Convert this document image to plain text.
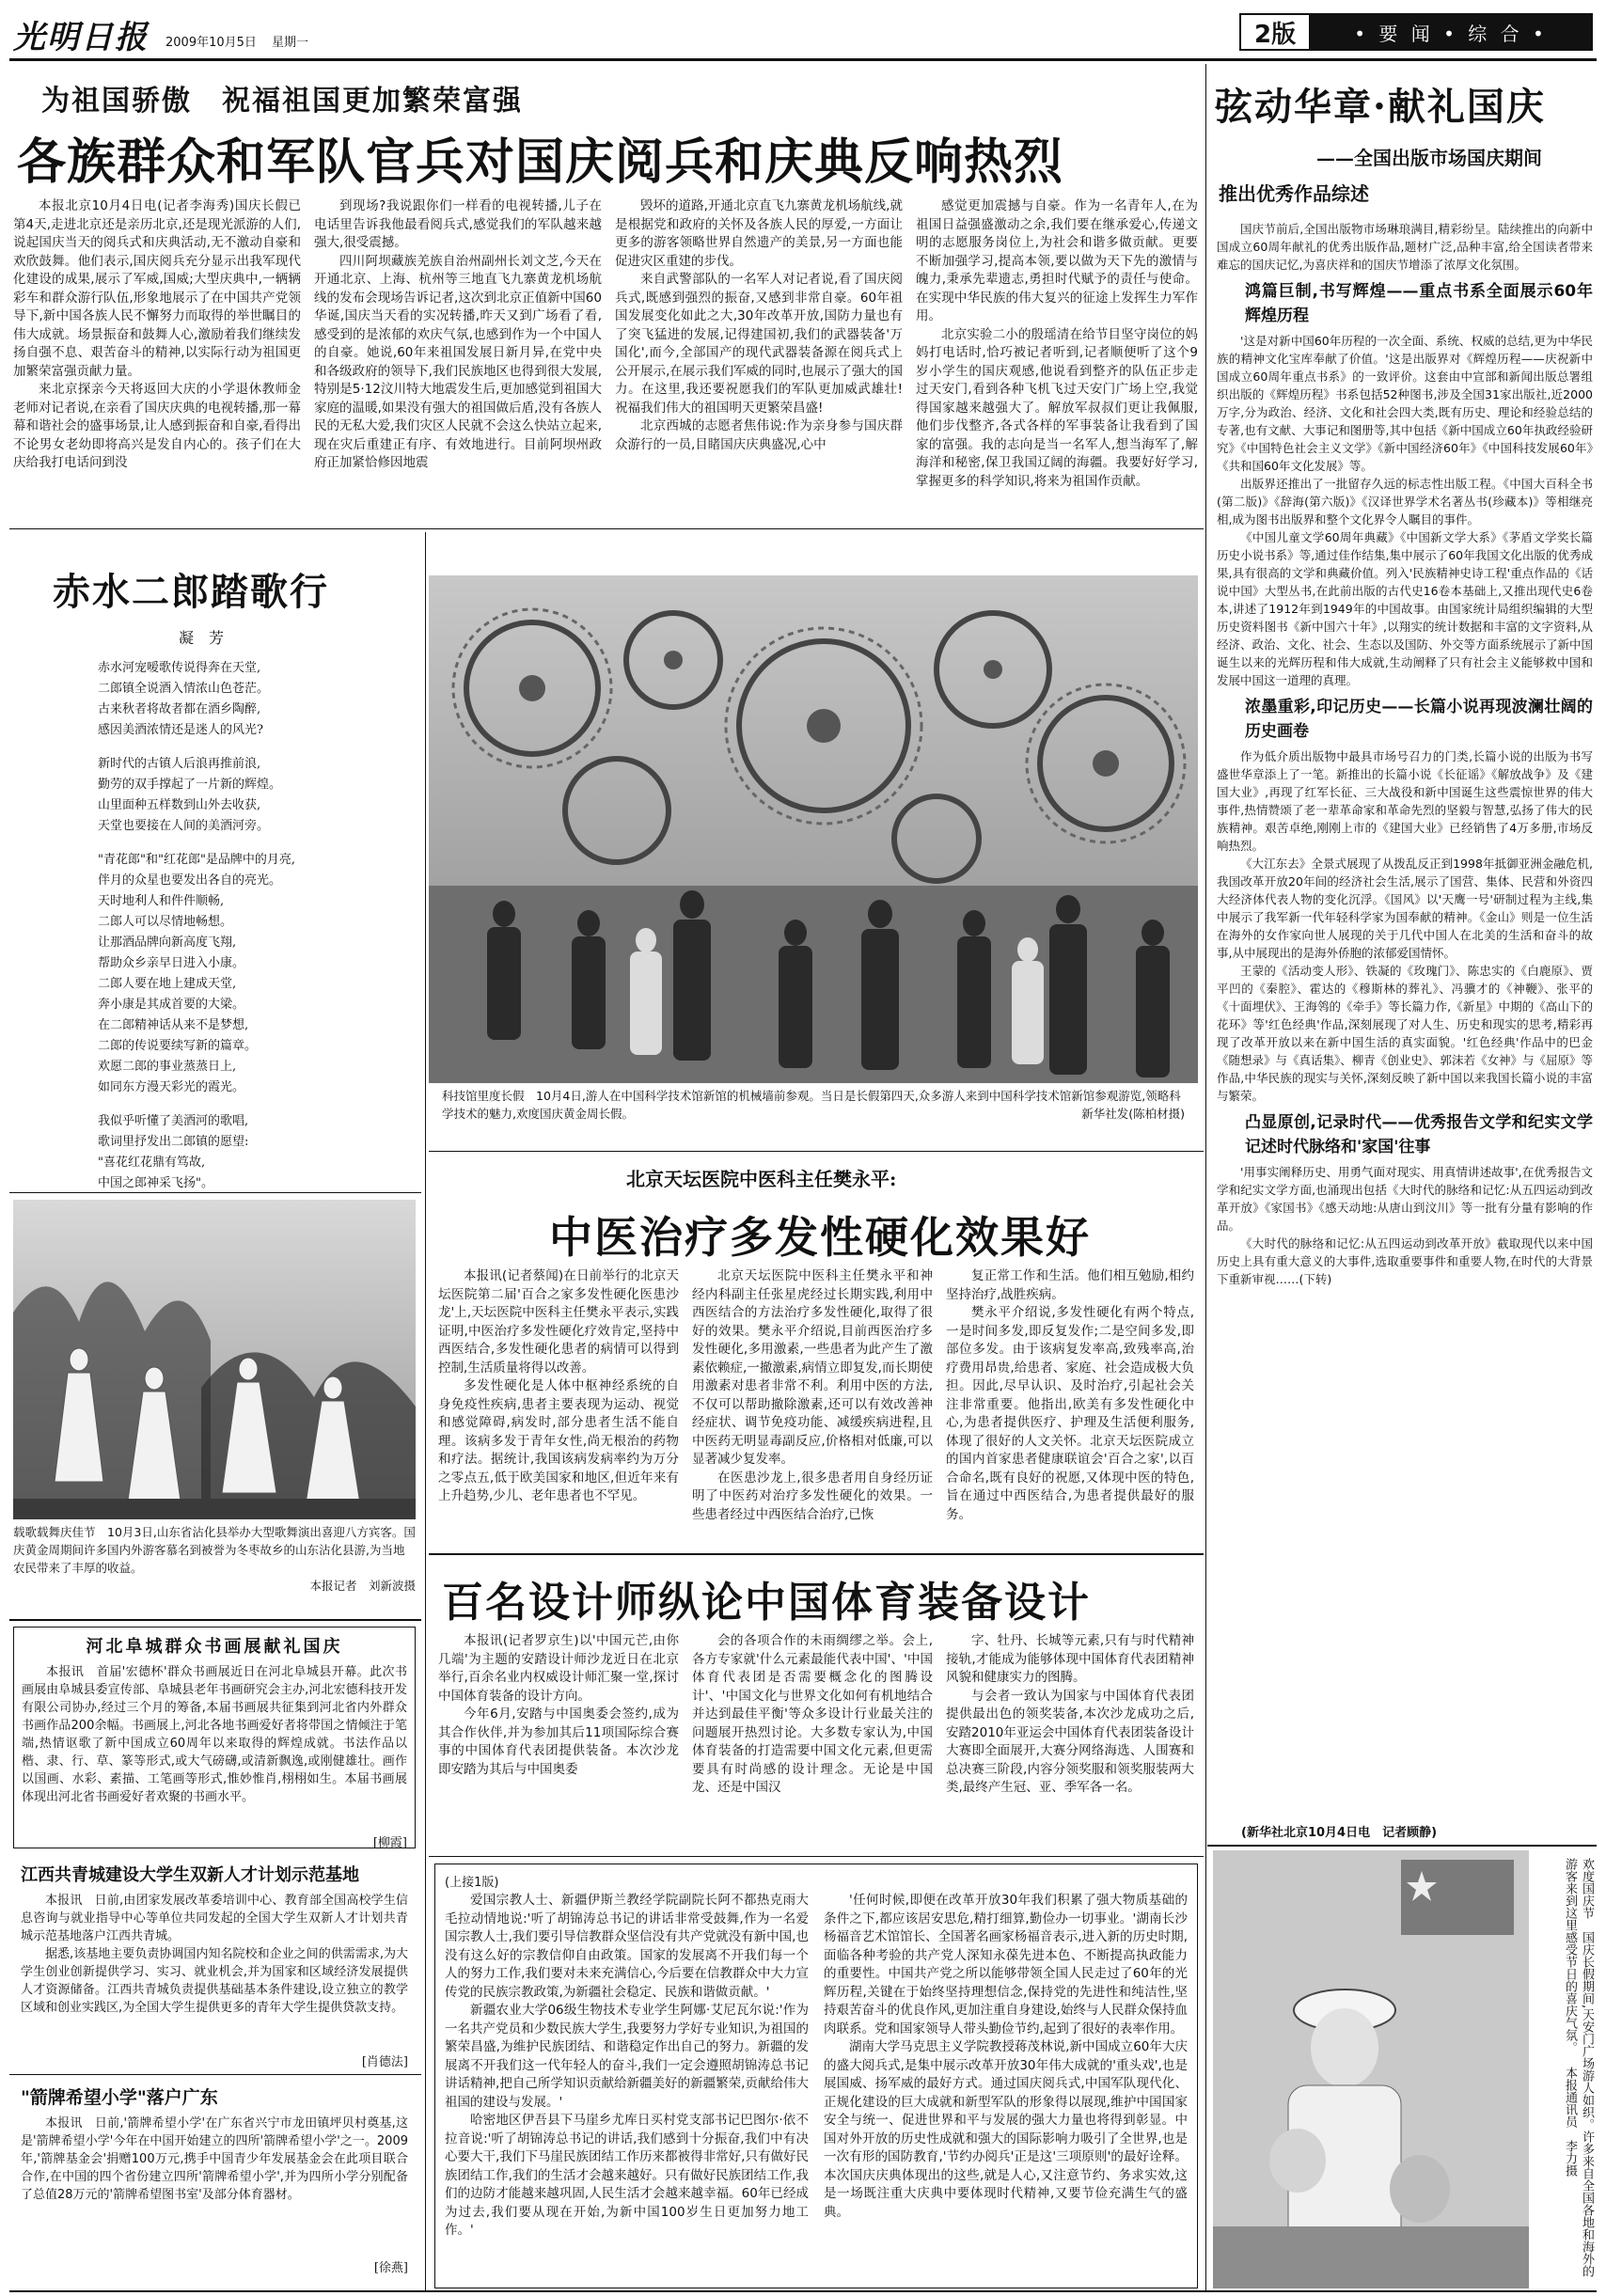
光明日报 2009年10月5日 星期一	2版	• 要 闻 • 综 合 •
为祖国骄傲　祝福祖国更加繁荣富强
各族群众和军队官兵对国庆阅兵和庆典反响热烈

本报北京10月4日电(记者李海秀)国庆长假已第4天,走进北京还是亲历北京,还是现光派游的人们,说起国庆当天的阅兵式和庆典活动,无不激动自豪和欢欣鼓舞。他们表示,国庆阅兵充分显示出我军现代化建设的成果,展示了军威,国威;大型庆典中,一辆辆彩车和群众游行队伍,形象地展示了在中国共产党领导下,新中国各族人民不懈努力而取得的举世瞩目的伟大成就。场景振奋和鼓舞人心,激励着我们继续发扬自强不息、艰苦奋斗的精神,以实际行动为祖国更加繁荣富强贡献力量。

来北京探亲今天将返回大庆的小学退休教师金老师对记者说,在亲看了国庆庆典的电视转播,那一幕幕和谐社会的盛事场景,让人感到振奋和自豪,看得出不论男女老幼即将高兴是发自内心的。孩子们在大庆给我打电话问到没

到现场?我说跟你们一样看的电视转播,儿子在电话里告诉我他最看阅兵式,感觉我们的军队越来越强大,很受震撼。

四川阿坝藏族羌族自治州副州长刘文芝,今天在开通北京、上海、杭州等三地直飞九寨黄龙机场航线的发布会现场告诉记者,这次到北京正值新中国60华诞,国庆当天看的实况转播,昨天又到广场看了看,感受到的是浓郁的欢庆气氛,也感到作为一个中国人的自豪。她说,60年来祖国发展日新月异,在党中央和各级政府的领导下,我们民族地区也得到很大发展,特别是5·12汶川特大地震发生后,更加感觉到祖国大家庭的温暖,如果没有强大的祖国做后盾,没有各族人民的无私大爱,我们灾区人民就不会这么快站立起来,现在灾后重建正有序、有效地进行。目前阿坝州政府正加紧恰修因地震

毁坏的道路,开通北京直飞九寨黄龙机场航线,就是根据党和政府的关怀及各族人民的厚爱,一方面让更多的游客领略世界自然遗产的美景,另一方面也能促进灾区重建的步伐。

来自武警部队的一名军人对记者说,看了国庆阅兵式,既感到强烈的振奋,又感到非常自豪。60年祖国发展变化如此之大,30年改革开放,国防力量也有了突飞猛进的发展,记得建国初,我们的武器装备'万国化',而今,全部国产的现代武器装备源在阅兵式上公开展示,在展示我们军威的同时,也展示了强大的国力。在这里,我还要祝愿我们的军队更加威武雄壮!祝福我们伟大的祖国明天更繁荣昌盛!

北京西城的志愿者焦伟说:作为亲身参与国庆群众游行的一员,目睹国庆庆典盛况,心中

感觉更加震撼与自豪。作为一名青年人,在为祖国日益强盛激动之余,我们要在继承爱心,传递文明的志愿服务岗位上,为社会和谐多做贡献。更要不断加强学习,提高本领,要以做为天下先的激情与魄力,秉承先辈遗志,勇担时代赋予的责任与使命。在实现中华民族的伟大复兴的征途上发挥生力军作用。

北京实验二小的殷瑶清在给节目坚守岗位的妈妈打电话时,恰巧被记者听到,记者顺便听了这个9岁小学生的国庆观感,他说看到整齐的队伍正步走过天安门,看到各种飞机飞过天安门广场上空,我觉得国家越来越强大了。解放军叔叔们更让我佩服,他们步伐整齐,各式各样的军事装备让我看到了国家的富强。我的志向是当一名军人,想当海军了,解海洋和秘密,保卫我国辽阔的海疆。我要好好学习,掌握更多的科学知识,将来为祖国作贡献。

赤水二郎踏歌行
凝　芳
赤水河宠嗳歌传说得奔在天堂,
二郎镇全说酒入情浓山色苍茫。
古来秋者将故者都在酒乡陶醉,
感因美酒浓情还是迷人的风光?
新时代的古镇人后浪再推前浪,
勤劳的双手撑起了一片新的辉煌。
山里面种五样数到山外去收获,
天堂也要接在人间的美酒河旁。
"青花郎"和"红花郎"是品牌中的月亮,
伴月的众星也要发出各自的亮光。
天时地利人和件件顺畅,
二郎人可以尽情地畅想。
让那酒品牌向新高度飞翔,
帮助众乡亲早日进入小康。
二郎人要在地上建成天堂,
奔小康是其成首要的大梁。
在二郎精神话从来不是梦想,
二郎的传说要续写新的篇章。
欢愿二郎的事业蒸蒸日上,
如同东方漫天彩光的霞光。
我似乎听懂了美酒河的歌唱,
歌词里抒发出二郎镇的愿望:
"喜花红花鼎有笃故,
中国之郎神采飞扬"。
载歌载舞庆佳节　10月3日,山东省沾化县举办大型歌舞演出喜迎八方宾客。国庆黄金周期间许多国内外游客慕名到被誉为冬枣故乡的山东沾化县游,为当地农民带来了丰厚的收益。
本报记者　刘新波摄
河北阜城群众书画展献礼国庆

本报讯　首届'宏德杯'群众书画展近日在河北阜城县开幕。此次书画展由阜城县委宣传部、阜城县老年书画研究会主办,河北宏德科技开发有限公司协办,经过三个月的筹备,本届书画展共征集到河北省内外群众书画作品200余幅。书画展上,河北各地书画爱好者将带国之情倾注于笔端,热情讴歌了新中国成立60周年以来取得的辉煌成就。书法作品以楷、隶、行、草、篆等形式,或大气磅礴,或清新飘逸,或刚健雄壮。画作以国画、水彩、素描、工笔画等形式,惟妙惟肖,栩栩如生。本届书画展体现出河北省书画爱好者欢聚的书画水平。

[柳霞]
江西共青城建设大学生双新人才计划示范基地

本报讯　日前,由团家发展改革委培训中心、教育部全国高校学生信息咨询与就业指导中心等单位共同发起的全国大学生双新人才计划共青城示范基地落户江西共青城。

据悉,该基地主要负责协调国内知名院校和企业之间的供需需求,为大学生创业创新提供学习、实习、就业机会,并为国家和区域经济发展提供人才资源储备。江西共青城负责提供基础基本条件建设,设立独立的教学区域和创业实践区,为全国大学生提供更多的青年大学生提供贷款支持。

[肖德法]
"箭牌希望小学"落户广东

本报讯　日前,'箭牌希望小学'在广东省兴宁市龙田镇坪贝村奠基,这是'箭牌希望小学'今年在中国开始建立的四所'箭牌希望小学'之一。2009年,'箭牌基金会'捐赠100万元,携手中国青少年发展基金会在此项目联合合作,在中国的四个省份建立四所'箭牌希望小学',并为四所小学分别配备了总值28万元的'箭牌希望图书室'及部分体育器材。

[徐燕]
科技馆里度长假　10月4日,游人在中国科学技术馆新馆的机械墙前参观。当日是长假第四天,众多游人来到中国科学技术馆新馆参观游览,领略科学技术的魅力,欢度国庆黄金周长假。	新华社发(陈柏材摄)
北京天坛医院中医科主任樊永平:
中医治疗多发性硬化效果好

本报讯(记者蔡闻)在日前举行的北京天坛医院第二届'百合之家多发性硬化医患沙龙'上,天坛医院中医科主任樊永平表示,实践证明,中医治疗多发性硬化疗效肯定,坚持中西医结合,多发性硬化患者的病情可以得到控制,生活质量将得以改善。

多发性硬化是人体中枢神经系统的自身免疫性疾病,患者主要表现为运动、视觉和感觉障碍,病发时,部分患者生活不能自理。该病多发于青年女性,尚无根治的药物和疗法。据统计,我国该病发病率约为万分之零点五,低于欧美国家和地区,但近年来有上升趋势,少儿、老年患者也不罕见。

北京天坛医院中医科主任樊永平和神经内科副主任张星虎经过长期实践,利用中西医结合的方法治疗多发性硬化,取得了很好的效果。樊永平介绍说,目前西医治疗多发性硬化,多用激素,一些患者为此产生了激素依赖症,一撤激素,病情立即复发,而长期使用激素对患者非常不利。利用中医的方法,不仅可以帮助撤除激素,还可以有效改善神经症状、调节免疫功能、减缓疾病进程,且中医药无明显毒副反应,价格相对低廉,可以显著减少复发率。

在医患沙龙上,很多患者用自身经历证明了中医药对治疗多发性硬化的效果。一些患者经过中西医结合治疗,已恢

复正常工作和生活。他们相互勉励,相约坚持治疗,战胜疾病。

樊永平介绍说,多发性硬化有两个特点,一是时间多发,即反复发作;二是空间多发,即部位多发。由于该病复发率高,致残率高,治疗费用昂贵,给患者、家庭、社会造成极大负担。因此,尽早认识、及时治疗,引起社会关注非常重要。他指出,欧美有多发性硬化中心,为患者提供医疗、护理及生活便利服务,体现了很好的人文关怀。北京天坛医院成立的国内首家患者健康联谊会'百合之家',以百合命名,既有良好的祝愿,又体现中医的特色,旨在通过中西医结合,为患者提供最好的服务。

百名设计师纵论中国体育装备设计

本报讯(记者罗京生)以'中国元芒,由你几端'为主题的安踏设计师沙龙近日在北京举行,百余名业内权威设计师汇聚一堂,探讨中国体育装备的设计方向。

今年6月,安踏与中国奥委会签约,成为其合作伙伴,并为参加其后11项国际综合赛事的中国体育代表团提供装备。本次沙龙即安踏为其后与中国奥委

会的各项合作的未雨绸缪之举。会上,各方专家就'什么元素最能代表中国'、'中国体育代表团是否需要概念化的图腾设计'、'中国文化与世界文化如何有机地结合并达到最佳平衡'等众多设计行业最关注的问题展开热烈讨论。大多数专家认为,中国体育装备的打造需要中国文化元素,但更需要具有时尚感的设计理念。无论是中国龙、还是中国汉

字、牡丹、长城等元素,只有与时代精神接轨,才能成为能够体现中国体育代表团精神风貌和健康实力的图腾。

与会者一致认为国家与中国体育代表团提供最出色的领奖装备,本次沙龙成功之后,安踏2010年亚运会中国体育代表团装备设计大赛即全面展开,大赛分网络海选、人围赛和总决赛三阶段,内容分领奖服和领奖服装两大类,最终产生冠、亚、季军各一名。

(上接1版)

爱国宗教人士、新疆伊斯兰教经学院副院长阿不都热克雨大毛拉动情地说:'听了胡锦涛总书记的讲话非常受鼓舞,作为一名爱国宗教人士,我们要引导信教群众坚信没有共产党就没有新中国,也没有这么好的宗教信仰自由政策。国家的发展离不开我们每一个人的努力工作,我们要对未来充满信心,今后要在信教群众中大力宣传党的民族宗教政策,为新疆社会稳定、民族和谐做贡献。'

新疆农业大学06级生物技术专业学生阿娜·艾尼瓦尔说:'作为一名共产党员和少数民族大学生,我要努力学好专业知识,为祖国的繁荣昌盛,为维护民族团结、和谐稳定作出自己的努力。新疆的发展离不开我们这一代年轻人的奋斗,我们一定会遵照胡锦涛总书记讲话精神,把自己所学知识贡献给新疆美好的新疆繁荣,贡献给伟大祖国的建设与发展。'

哈密地区伊吾县下马崖乡尤库日买村党支部书记巴图尔·依不拉音说:'听了胡锦涛总书记的讲话,我们感到十分振奋,我们中有决心要大干,我们下马崖民族团结工作历来都被得非常好,只有做好民族团结工作,我们的生活才会越来越好。只有做好民族团结工作,我们的边防才能越来越巩固,人民生活才会越来越幸福。60年已经成为过去,我们要从现在开始,为新中国100岁生日更加努力地工作。'

'任何时候,即便在改革开放30年我们积累了强大物质基础的条件之下,都应该居安思危,精打细算,勤俭办一切事业。'湖南长沙杨福音艺术馆馆长、全国著名画家杨福音表示,进入新的历史时期,面临各种考验的共产党人深知永葆先进本色、不断提高执政能力的重要性。中国共产党之所以能够带领全国人民走过了60年的光辉历程,关键在于始终坚持理想信念,保持党的先进性和纯洁性,坚持艰苦奋斗的优良作风,更加注重自身建设,始终与人民群众保持血肉联系。党和国家领导人带头勤俭节约,起到了很好的表率作用。

湖南大学马克思主义学院教授蒋茂林说,新中国成立60年大庆的盛大阅兵式,是集中展示改革开放30年伟大成就的'重头戏',也是展国威、扬军威的最好方式。通过国庆阅兵式,中国军队现代化、正规化建设的巨大成就和新型军队的形象得以展现,维护中国国家安全与统一、促进世界和平与发展的强大力量也将得到彰显。中国对外开放的历史性成就和强大的国际影响力吸引了全世界,也是一次有形的国防教育,'节约办阅兵'正是这'三项原则'的最好诠释。本次国庆庆典体现出的这些,就是人心,又注意节约、务求实效,这是一场既注重大庆典中要体现时代精神,又要节俭充满生气的盛典。

弦动华章·献礼国庆
——全国出版市场国庆期间
推出优秀作品综述

国庆节前后,全国出版物市场琳琅满目,精彩纷呈。陆续推出的向新中国成立60周年献礼的优秀出版作品,题材广泛,品种丰富,给全国读者带来难忘的国庆记忆,为喜庆祥和的国庆节增添了浓厚文化氛围。

鸿篇巨制,书写辉煌——重点书系全面展示60年辉煌历程

'这是对新中国60年历程的一次全面、系统、权威的总结,更为中华民族的精神文化宝库奉献了价值。'这是出版界对《辉煌历程——庆祝新中国成立60周年重点书系》的一致评价。这套由中宣部和新闻出版总署组织出版的《辉煌历程》书系包括52种图书,涉及全国31家出版社,近2000万字,分为政治、经济、文化和社会四大类,既有历史、理论和经验总结的专著,也有文献、大事记和图册等,其中包括《新中国成立60年执政经验研究》《中国特色社会主义文学》《新中国经济60年》《中国科技发展60年》《共和国60年文化发展》等。

出版界还推出了一批留存久远的标志性出版工程。《中国大百科全书(第二版)》《辞海(第六版)》《汉译世界学术名著丛书(珍藏本)》等相继亮相,成为图书出版界和整个文化界令人瞩目的事件。

《中国儿童文学60周年典藏》《中国新文学大系》《茅盾文学奖长篇历史小说书系》等,通过佳作结集,集中展示了60年我国文化出版的优秀成果,具有很高的文学和典藏价值。列入'民族精神史诗工程'重点作品的《话说中国》大型丛书,在此前出版的古代史16卷本基础上,又推出现代史6卷本,讲述了1912年到1949年的中国故事。由国家统计局组织编辑的大型历史资料图书《新中国六十年》,以翔实的统计数据和丰富的文字资料,从经济、政治、文化、社会、生态以及国防、外交等方面系统展示了新中国诞生以来的光辉历程和伟大成就,生动阐释了只有社会主义能够救中国和发展中国这一道理的真理。

浓墨重彩,印记历史——长篇小说再现波澜壮阔的历史画卷

作为低介质出版物中最具市场号召力的门类,长篇小说的出版为书写盛世华章添上了一笔。新推出的长篇小说《长征谣》《解放战争》及《建国大业》,再现了红军长征、三大战役和新中国诞生这些震惊世界的伟大事件,热情赞颂了老一辈革命家和革命先烈的坚毅与智慧,弘扬了伟大的民族精神。艰苦卓绝,刚刚上市的《建国大业》已经销售了4万多册,市场反响热烈。

《大江东去》全景式展现了从拨乱反正到1998年抵御亚洲金融危机,我国改革开放20年间的经济社会生活,展示了国营、集体、民营和外资四大经济体代表人物的变化沉浮。《国风》以'天鹰一号'研制过程为主线,集中展示了我军新一代年轻科学家为国奉献的精神。《金山》则是一位生活在海外的女作家向世人展现的关于几代中国人在北美的生活和奋斗的故事,从中展现出的是海外侨胞的浓郁爱国情怀。

王蒙的《活动变人形》、铁凝的《玫瑰门》、陈忠实的《白鹿原》、贾平凹的《秦腔》、霍达的《穆斯林的葬礼》、冯骥才的《神鞭》、张平的《十面埋伏》、王海鸰的《牵手》等长篇力作,《新星》中期的《高山下的花环》等'红色经典'作品,深刻展现了对人生、历史和现实的思考,精彩再现了改革开放以来在新中国生活的真实面貌。'红色经典'作品中的巴金《随想录》与《真话集》、柳青《创业史》、郭沫若《女神》与《屈原》等作品,中华民族的现实与关怀,深刻反映了新中国以来我国长篇小说的丰富与繁荣。

凸显原创,记录时代——优秀报告文学和纪实文学记述时代脉络和'家国'往事

'用事实阐释历史、用勇气面对现实、用真情讲述故事',在优秀报告文学和纪实文学方面,也涌现出包括《大时代的脉络和记忆:从五四运动到改革开放》《家国书》《感天动地:从唐山到汶川》等一批有分量有影响的作品。

《大时代的脉络和记忆:从五四运动到改革开放》截取现代以来中国历史上具有重大意义的大事件,选取重要事件和重要人物,在时代的大背景下重新审视……(下转)

(新华社北京10月4日电　记者顾静)
欢度国庆节　国庆长假期间,天安门广场游人如织。许多来自全国各地和海外的游客来到这里感受节日的喜庆气氛。 本报通讯员　李力摄
